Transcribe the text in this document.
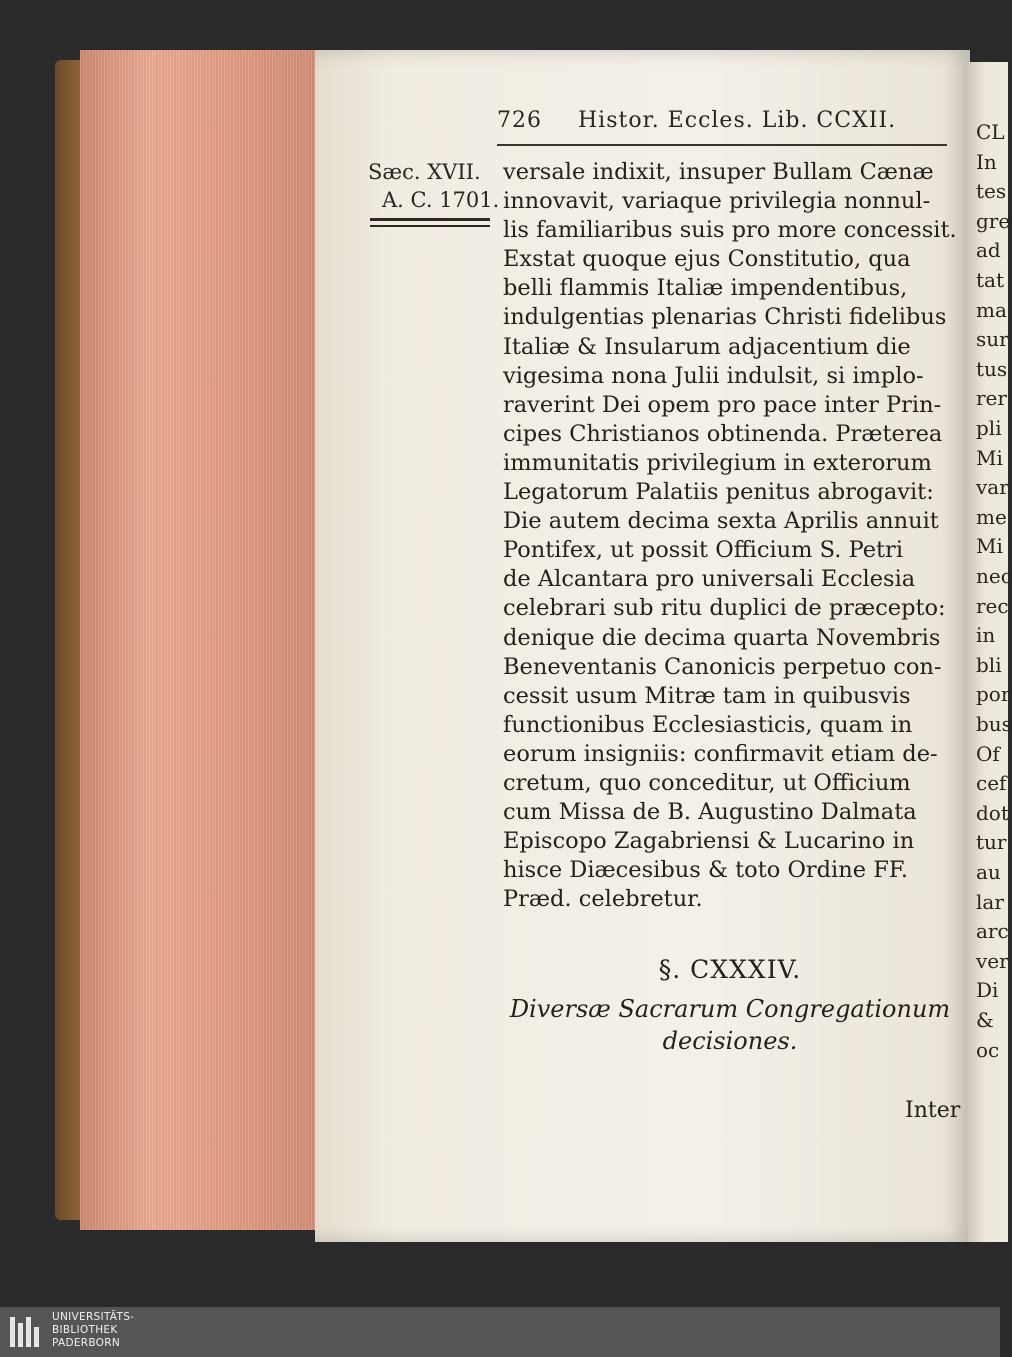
CL
In
tes
gre
ad
tat
ma
sur
tus
rer
pli
Mi
var
me
Mi
nec
rec
in
bli
por
bus
Of
cef
dot
tur
au
lar
arc
ver
Di
&
oc
726 Histor. Eccles. Lib. CCXII.
Sæc. XVII.
A. C. 1701.
versale indixit, insuper Bullam Cænæ
innovavit, variaque privilegia nonnul-
lis familiaribus suis pro more concessit.
Exstat quoque ejus Constitutio, qua
belli flammis Italiæ impendentibus,
indulgentias plenarias Christi fidelibus
Italiæ & Insularum adjacentium die
vigesima nona Julii indulsit, si implo-
raverint Dei opem pro pace inter Prin-
cipes Christianos obtinenda. Præterea
immunitatis privilegium in exterorum
Legatorum Palatiis penitus abrogavit:
Die autem decima sexta Aprilis annuit
Pontifex, ut possit Officium S. Petri
de Alcantara pro universali Ecclesia
celebrari sub ritu duplici de præcepto:
denique die decima quarta Novembris
Beneventanis Canonicis perpetuo con-
cessit usum Mitræ tam in quibusvis
functionibus Ecclesiasticis, quam in
eorum insigniis: confirmavit etiam de-
cretum, quo conceditur, ut Officium
cum Missa de B. Augustino Dalmata
Episcopo Zagabriensi & Lucarino in
hisce Diæcesibus & toto Ordine FF.
Præd. celebretur.
§. CXXXIV.
Diversæ Sacrarum Congregationum
decisiones.
Inter
UNIVERSITÄTS-
BIBLIOTHEK
PADERBORN
